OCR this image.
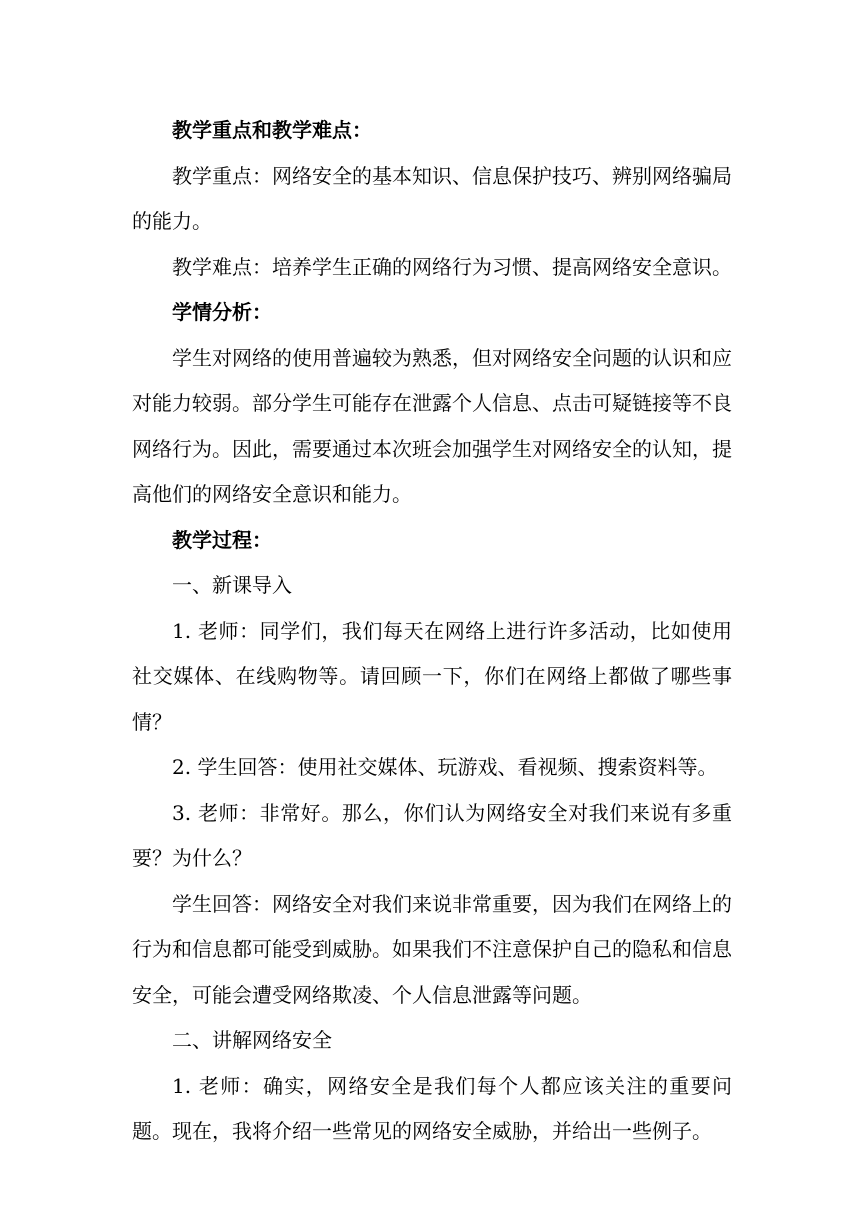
教学重点和教学难点：

教学重点：网络安全的基本知识、信息保护技巧、辨别网络骗局的能力。

教学难点：培养学生正确的网络行为习惯、提高网络安全意识。

学情分析：

学生对网络的使用普遍较为熟悉，但对网络安全问题的认识和应对能力较弱。部分学生可能存在泄露个人信息、点击可疑链接等不良网络行为。因此，需要通过本次班会加强学生对网络安全的认知，提高他们的网络安全意识和能力。

教学过程：

一、新课导入

1. 老师：同学们，我们每天在网络上进行许多活动，比如使用社交媒体、在线购物等。请回顾一下，你们在网络上都做了哪些事情？

2. 学生回答：使用社交媒体、玩游戏、看视频、搜索资料等。

3. 老师：非常好。那么，你们认为网络安全对我们来说有多重要？为什么？

学生回答：网络安全对我们来说非常重要，因为我们在网络上的行为和信息都可能受到威胁。如果我们不注意保护自己的隐私和信息安全，可能会遭受网络欺凌、个人信息泄露等问题。

二、讲解网络安全

1. 老师：确实，网络安全是我们每个人都应该关注的重要问题。现在，我将介绍一些常见的网络安全威胁，并给出一些例子。
